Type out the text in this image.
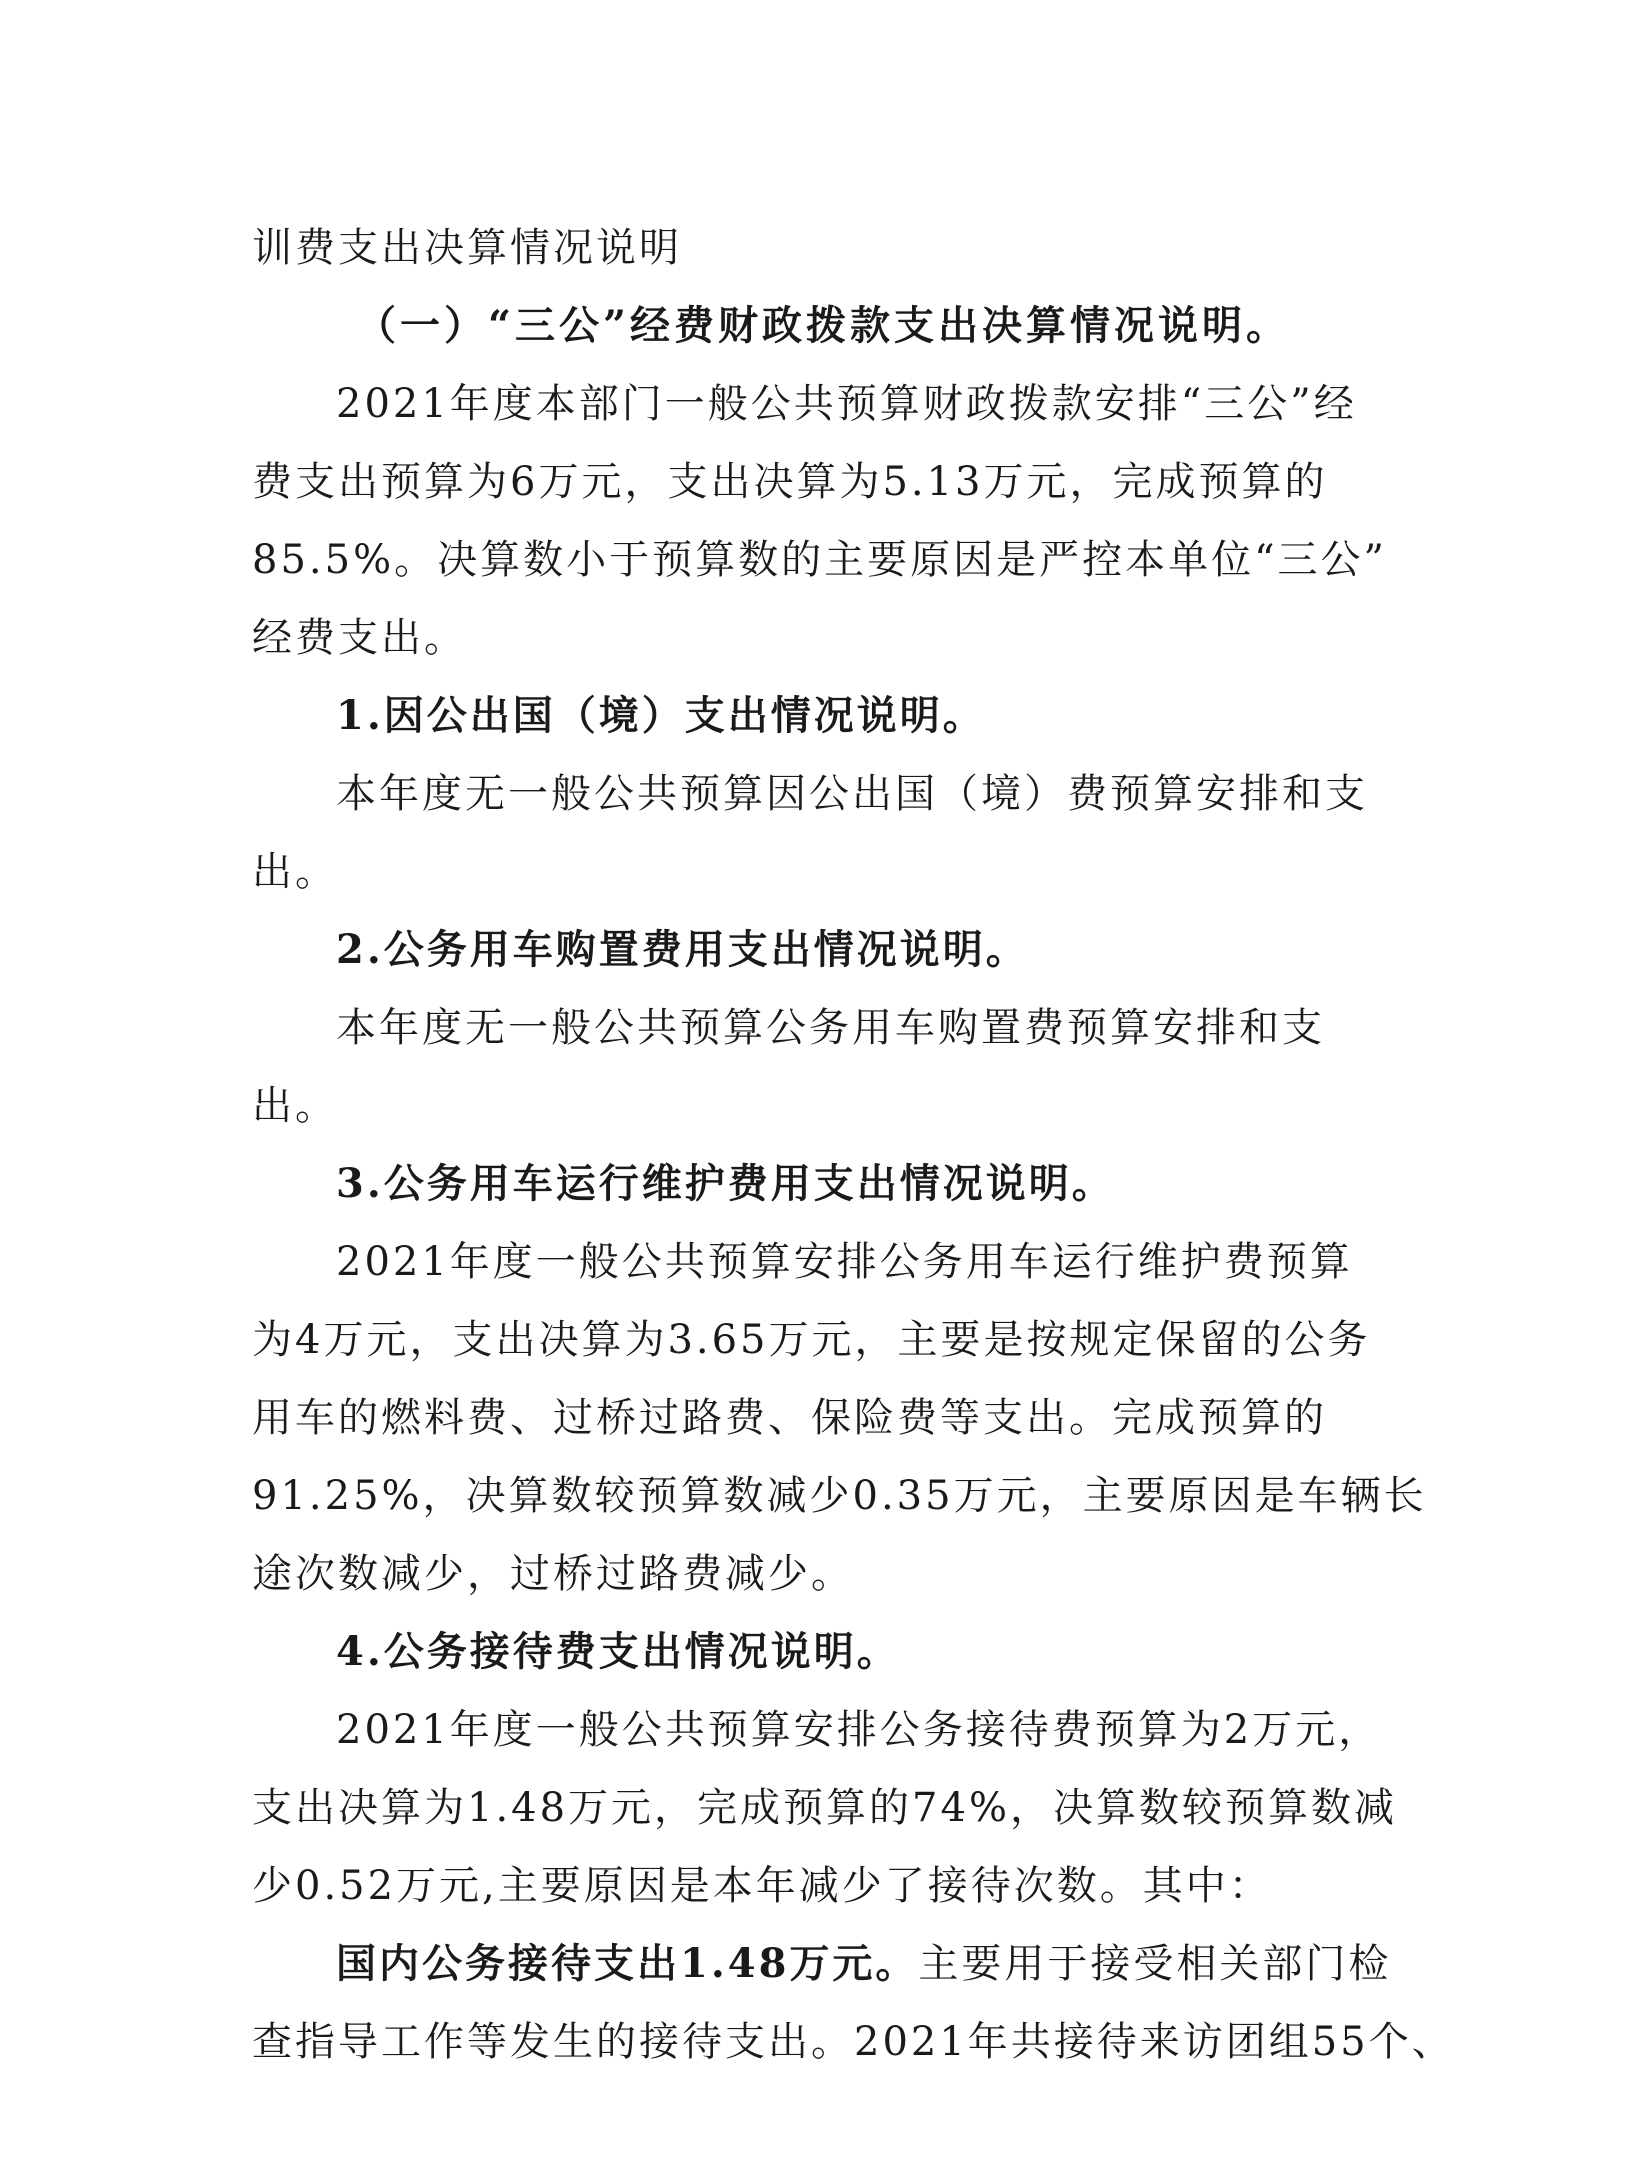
训费支出决算情况说明
（一）“三公”经费财政拨款支出决算情况说明。
2021年度本部门一般公共预算财政拨款安排“三公”经
费支出预算为6万元，支出决算为5.13万元，完成预算的
85.5%。决算数小于预算数的主要原因是严控本单位“三公”
经费支出。
1.因公出国（境）支出情况说明。
本年度无一般公共预算因公出国（境）费预算安排和支
出。
2.公务用车购置费用支出情况说明。
本年度无一般公共预算公务用车购置费预算安排和支
出。
3.公务用车运行维护费用支出情况说明。
2021年度一般公共预算安排公务用车运行维护费预算
为4万元，支出决算为3.65万元，主要是按规定保留的公务
用车的燃料费、过桥过路费、保险费等支出。完成预算的
91.25%，决算数较预算数减少0.35万元，主要原因是车辆长
途次数减少，过桥过路费减少。
4.公务接待费支出情况说明。
2021年度一般公共预算安排公务接待费预算为2万元，
支出决算为1.48万元，完成预算的74%，决算数较预算数减
少0.52万元,主要原因是本年减少了接待次数。其中：
国内公务接待支出1.48万元。主要用于接受相关部门检
查指导工作等发生的接待支出。2021年共接待来访团组55个、
